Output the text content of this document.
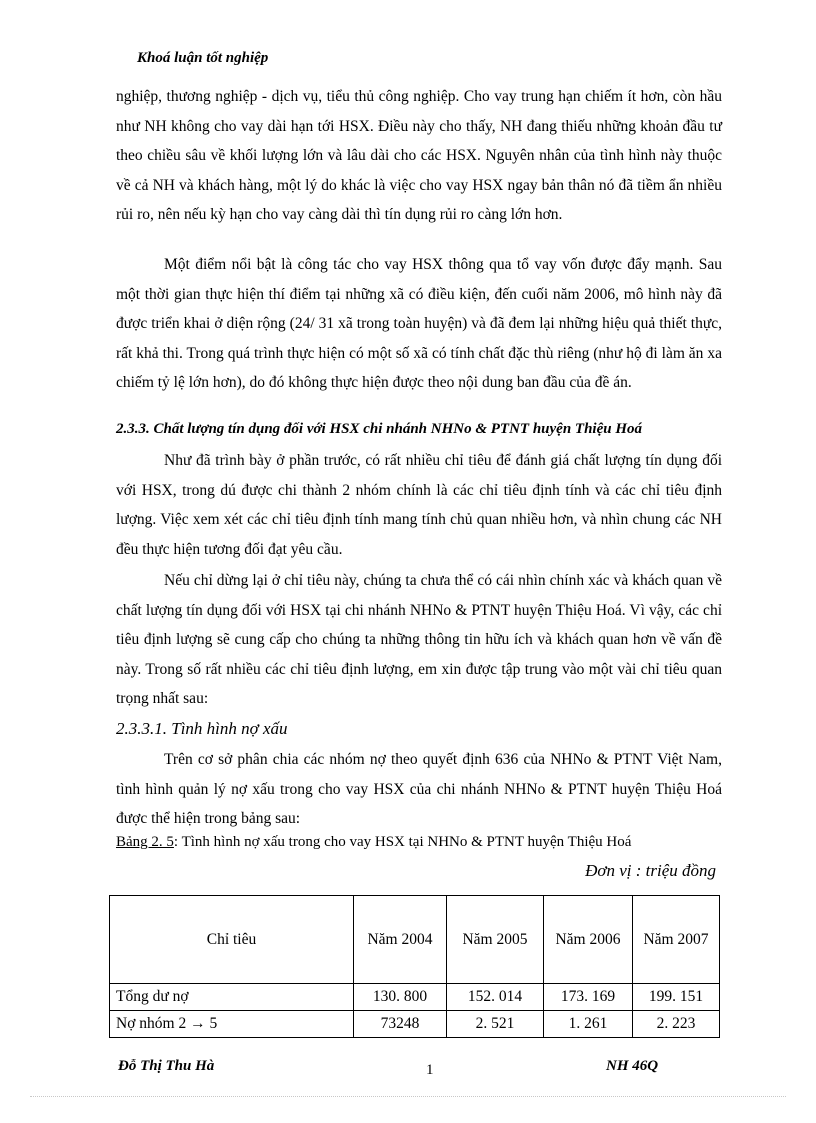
Khoá luận tốt nghiệp

nghiệp, thương nghiệp - dịch vụ, tiểu thủ công nghiệp. Cho vay trung hạn chiếm ít hơn, còn hầu như NH không cho vay dài hạn tới HSX. Điều này cho thấy, NH đang thiếu những khoản đầu tư theo chiều sâu về khối lượng lớn và lâu dài cho các HSX. Nguyên nhân của tình hình này thuộc về cả NH và khách hàng, một lý do khác là việc cho vay HSX ngay bản thân nó đã tiềm ẩn nhiều rủi ro, nên nếu kỳ hạn cho vay càng dài thì tín dụng rủi ro càng lớn hơn.

Một điểm nổi bật là công tác cho vay HSX thông qua tổ vay vốn được đẩy mạnh. Sau một thời gian thực hiện thí điểm tại những xã có điều kiện, đến cuối năm 2006, mô hình này đã được triển khai ở diện rộng (24/ 31 xã trong toàn huyện) và đã đem lại những hiệu quả thiết thực, rất khả thi. Trong quá trình thực hiện có một số xã có tính chất đặc thù riêng (như hộ đi làm ăn xa chiếm tỷ lệ lớn hơn), do đó không thực hiện được theo nội dung ban đầu của đề án.

2.3.3. Chất lượng tín dụng đối với HSX chi nhánh NHNo & PTNT huyện Thiệu Hoá

Như đã trình bày ở phần trước, có rất nhiều chỉ tiêu để đánh giá chất lượng tín dụng đối với HSX, trong dú được chi thành 2 nhóm chính là các chỉ tiêu định tính và các chỉ tiêu định lượng. Việc xem xét các chỉ tiêu định tính mang tính chủ quan nhiều hơn, và nhìn chung các NH đều thực hiện tương đối đạt yêu cầu.

Nếu chỉ dừng lại ở chỉ tiêu này, chúng ta chưa thể có cái nhìn chính xác và khách quan về chất lượng tín dụng đối với HSX tại chi nhánh NHNo & PTNT huyện Thiệu Hoá. Vì vậy, các chỉ tiêu định lượng sẽ cung cấp cho chúng ta những thông tin hữu ích và khách quan hơn về vấn đề này. Trong số rất nhiều các chỉ tiêu định lượng, em xin được tập trung vào một vài chỉ tiêu quan trọng nhất sau:

2.3.3.1. Tình hình nợ xấu

Trên cơ sở phân chia các nhóm nợ theo quyết định 636 của NHNo & PTNT Việt Nam, tình hình quản lý nợ xấu trong cho vay HSX của chi nhánh NHNo & PTNT huyện Thiệu Hoá được thể hiện trong bảng sau:

Bảng 2. 5: Tình hình nợ xấu trong cho vay HSX tại NHNo & PTNT huyện Thiệu Hoá
Đơn vị : triệu đồng
Chỉ tiêu	Năm 2004	Năm 2005	Năm 2006	Năm 2007
Tổng dư nợ	130. 800	152. 014	173. 169	199. 151
Nợ nhóm 2 → 5	73248	2. 521	1. 261	2. 223
Đỗ Thị Thu Hà	1	NH 46Q
